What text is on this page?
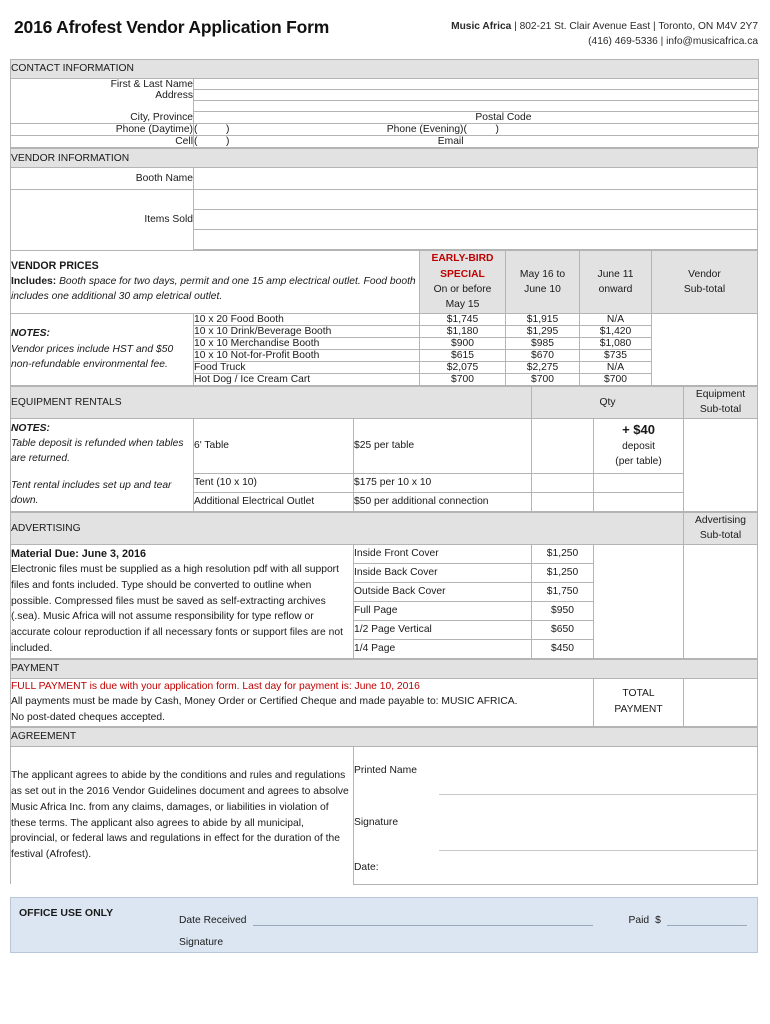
2016 Afrofest Vendor Application Form	Music Africa | 802-21 St. Clair Avenue East | Toronto, ON M4V 2Y7
(416) 469-5336 | info@musicafrica.ca
CONTACT INFORMATION				
First & Last Name				
Address				

City, Province			Postal Code	
Phone (Daytime)	( )	Phone (Evening)	( )	
Cell	( )	Email		
VENDOR INFORMATION	
Booth Name	
Items Sold	

VENDOR PRICES
Includes: Booth space for two days, permit and one 15 amp electrical outlet. Food booth includes one additional 30 amp eletrical outlet.

EARLY-BIRD
SPECIAL
On or before
May 15

May 16 to
June 10

June 11
onward

Vendor
Sub-total

NOTES:
Vendor prices include HST and $50 non-refundable environmental fee.	10 x 20 Food Booth	$1,745	$1,915	N/A	
	10 x 10 Drink/Beverage Booth	$1,180	$1,295	$1,420	
	10 x 10 Merchandise Booth	$900	$985	$1,080	
	10 x 10 Not-for-Profit Booth	$615	$670	$735	
	Food Truck	$2,075	$2,275	N/A	
	Hot Dog / Ice Cream Cart	$700	$700	$700	
EQUIPMENT RENTALS			Qty		Equipment
Sub-total

NOTES:
Table deposit is refunded when tables are returned.
Tent rental includes set up and tear down.
	6' Table	$25 per table		
+ $40
deposit
(per table)

	Tent (10 x 10)	$175 per 10 x 10			
	Additional Electrical Outlet	$50 per additional connection			
ADVERTISING				Advertising
Sub-total

Material Due: June 3, 2016
Electronic files must be supplied as a high resolution pdf with all support files and fonts included. Type should be converted to outline when possible. Compressed files must be saved as self-extracting archives (.sea). Music Africa will not assume responsibility for type reflow or accurate colour reproduction if all necessary fonts or support files are not included.	Inside Front Cover	$1,250		
	Inside Back Cover	$1,250		
	Outside Back Cover	$1,750		
	Full Page	$950		
	1/2 Page Vertical	$650		
	1/4 Page	$450		
PAYMENT

FULL PAYMENT is due with your application form. Last day for payment is: June 10, 2016
All payments must be made by Cash, Money Order or Certified Cheque and made payable to: MUSIC AFRICA.
No post-dated cheques accepted.

TOTAL
PAYMENT

AGREEMENT		
The applicant agrees to abide by the conditions and rules and regulations as set out in the 2016 Vendor Guidelines document and agrees to absolve Music Africa Inc. from any claims, damages, or liabilities in violation of these terms. The applicant also agrees to abide by all municipal, provincial, or federal laws and regulations in effect for the duration of the festival (Afrofest).	Printed Name	
	Signature	
	Date:	
OFFICE USE ONLY
Date Received	Paid $
Signature
